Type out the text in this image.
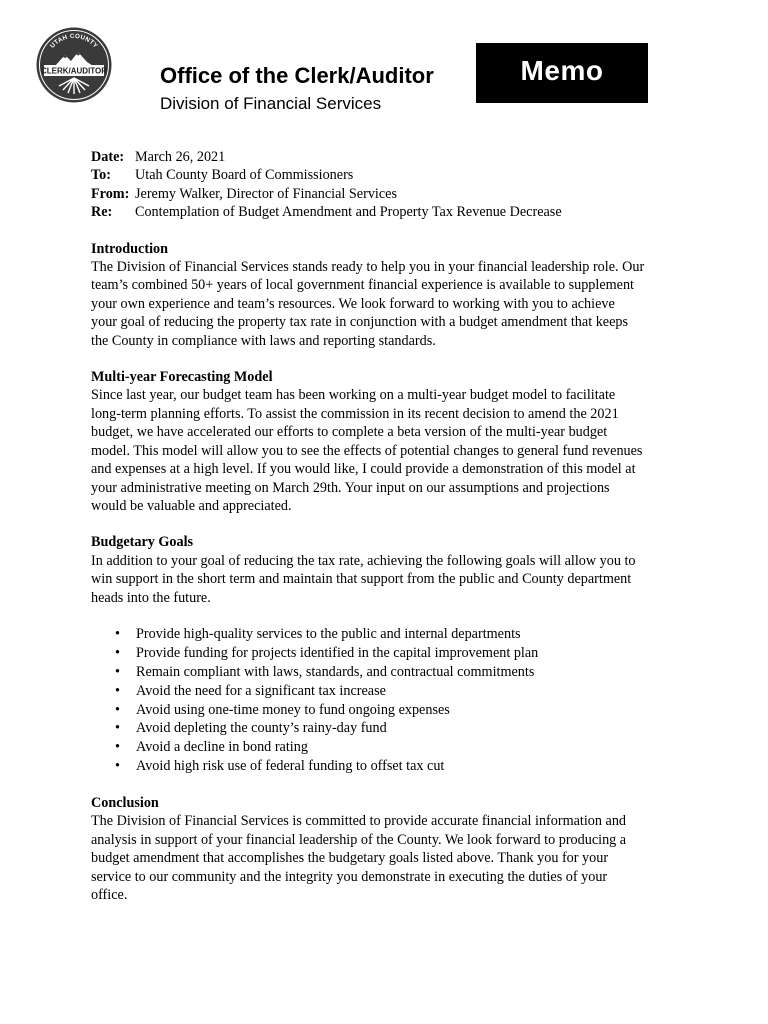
UTAH COUNTY
CLERK/AUDITOR Office of the Clerk/Auditor
Division of Financial Services
Memo
Date: March 26, 2021
To:	Utah County Board of Commissioners
From: Jeremy Walker, Director of Financial Services
Re:	Contemplation of Budget Amendment and Property Tax Revenue Decrease
Introduction
The Division of Financial Services stands ready to help you in your financial leadership role. Our
team’s combined 50+ years of local government financial experience is available to supplement
your own experience and team’s resources. We look forward to working with you to achieve
your goal of reducing the property tax rate in conjunction with a budget amendment that keeps
the County in compliance with laws and reporting standards.
Multi-year Forecasting Model
Since last year, our budget team has been working on a multi-year budget model to facilitate
long-term planning efforts. To assist the commission in its recent decision to amend the 2021
budget, we have accelerated our efforts to complete a beta version of the multi-year budget
model. This model will allow you to see the effects of potential changes to general fund revenues
and expenses at a high level. If you would like, I could provide a demonstration of this model at
your administrative meeting on March 29th. Your input on our assumptions and projections
would be valuable and appreciated.
Budgetary Goals
In addition to your goal of reducing the tax rate, achieving the following goals will allow you to
win support in the short term and maintain that support from the public and County department
heads into the future.
• Provide high-quality services to the public and internal departments
• Provide funding for projects identified in the capital improvement plan
• Remain compliant with laws, standards, and contractual commitments
• Avoid the need for a significant tax increase
• Avoid using one-time money to fund ongoing expenses
• Avoid depleting the county’s rainy-day fund
• Avoid a decline in bond rating
• Avoid high risk use of federal funding to offset tax cut
Conclusion
The Division of Financial Services is committed to provide accurate financial information and
analysis in support of your financial leadership of the County. We look forward to producing a
budget amendment that accomplishes the budgetary goals listed above. Thank you for your
service to our community and the integrity you demonstrate in executing the duties of your
office.
